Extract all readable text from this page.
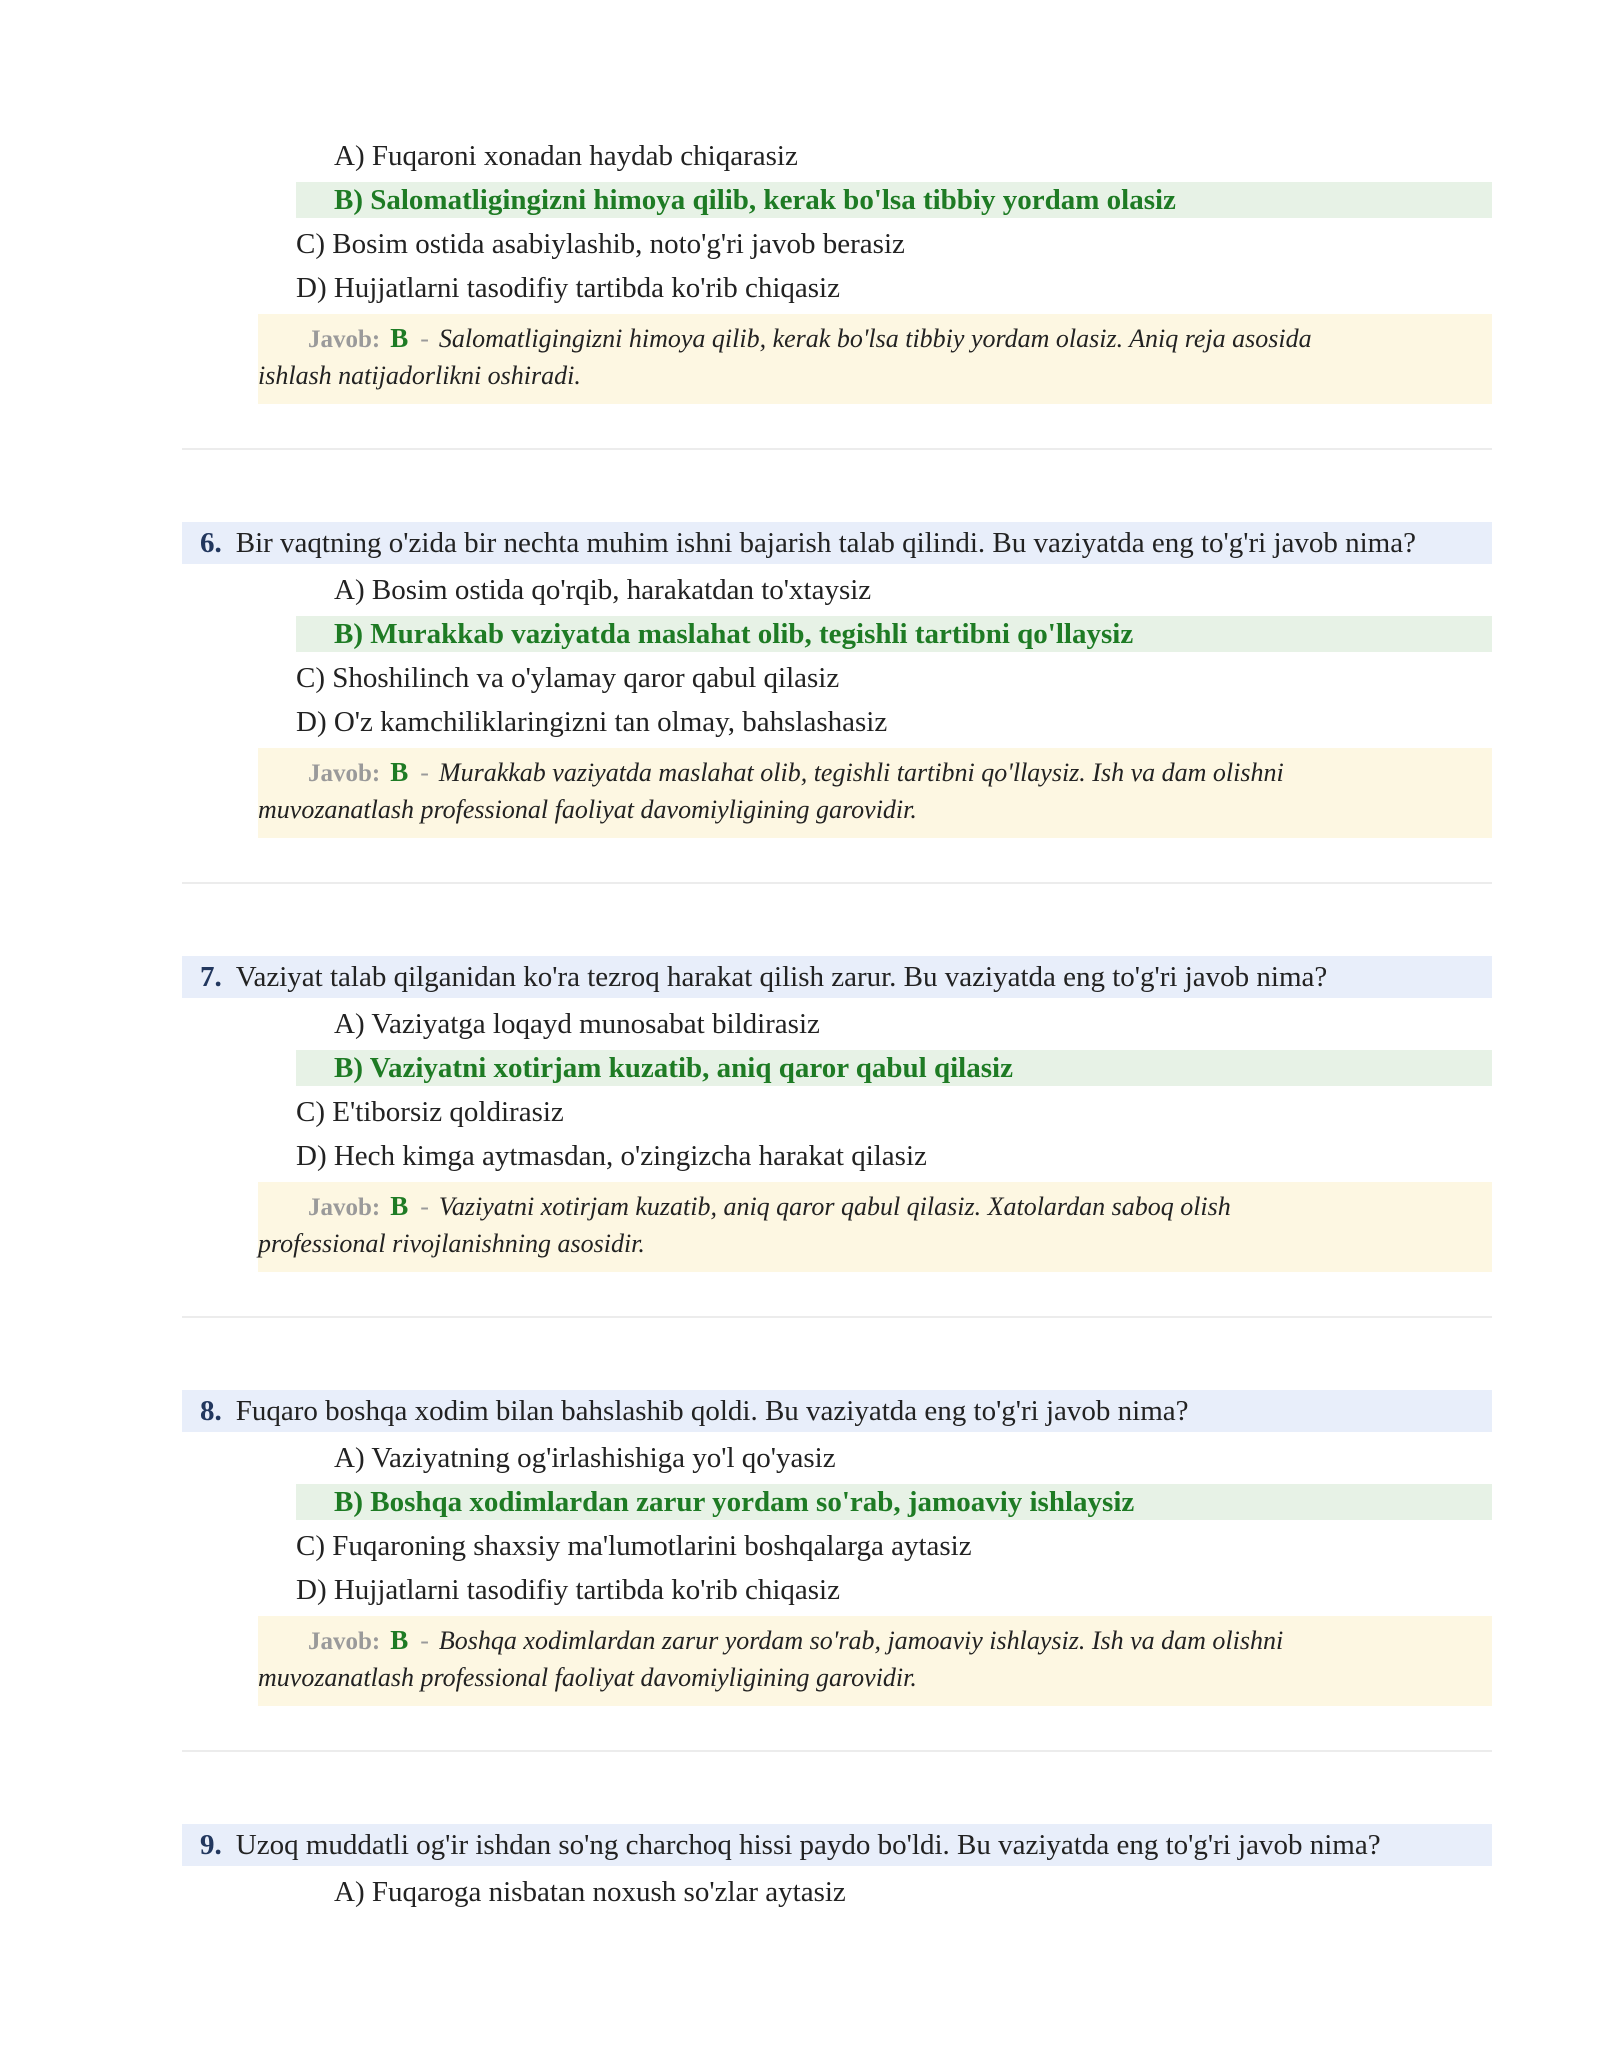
A) Fuqaroni xonadan haydab chiqarasiz
B) Salomatligingizni himoya qilib, kerak bo'lsa tibbiy yordam olasiz
C) Bosim ostida asabiylashib, noto'g'ri javob berasiz
D) Hujjatlarni tasodifiy tartibda ko'rib chiqasiz
Javob: B - Salomatligingizni himoya qilib, kerak bo'lsa tibbiy yordam olasiz. Aniq reja asosida
ishlash natijadorlikni oshiradi.
6. Bir vaqtning o'zida bir nechta muhim ishni bajarish talab qilindi. Bu vaziyatda eng to'g'ri javob nima?
A) Bosim ostida qo'rqib, harakatdan to'xtaysiz
B) Murakkab vaziyatda maslahat olib, tegishli tartibni qo'llaysiz
C) Shoshilinch va o'ylamay qaror qabul qilasiz
D) O'z kamchiliklaringizni tan olmay, bahslashasiz
Javob: B - Murakkab vaziyatda maslahat olib, tegishli tartibni qo'llaysiz. Ish va dam olishni
muvozanatlash professional faoliyat davomiyligining garovidir.
7. Vaziyat talab qilganidan ko'ra tezroq harakat qilish zarur. Bu vaziyatda eng to'g'ri javob nima?
A) Vaziyatga loqayd munosabat bildirasiz
B) Vaziyatni xotirjam kuzatib, aniq qaror qabul qilasiz
C) E'tiborsiz qoldirasiz
D) Hech kimga aytmasdan, o'zingizcha harakat qilasiz
Javob: B - Vaziyatni xotirjam kuzatib, aniq qaror qabul qilasiz. Xatolardan saboq olish
professional rivojlanishning asosidir.
8. Fuqaro boshqa xodim bilan bahslashib qoldi. Bu vaziyatda eng to'g'ri javob nima?
A) Vaziyatning og'irlashishiga yo'l qo'yasiz
B) Boshqa xodimlardan zarur yordam so'rab, jamoaviy ishlaysiz
C) Fuqaroning shaxsiy ma'lumotlarini boshqalarga aytasiz
D) Hujjatlarni tasodifiy tartibda ko'rib chiqasiz
Javob: B - Boshqa xodimlardan zarur yordam so'rab, jamoaviy ishlaysiz. Ish va dam olishni
muvozanatlash professional faoliyat davomiyligining garovidir.
9. Uzoq muddatli og'ir ishdan so'ng charchoq hissi paydo bo'ldi. Bu vaziyatda eng to'g'ri javob nima?
A) Fuqaroga nisbatan noxush so'zlar aytasiz
